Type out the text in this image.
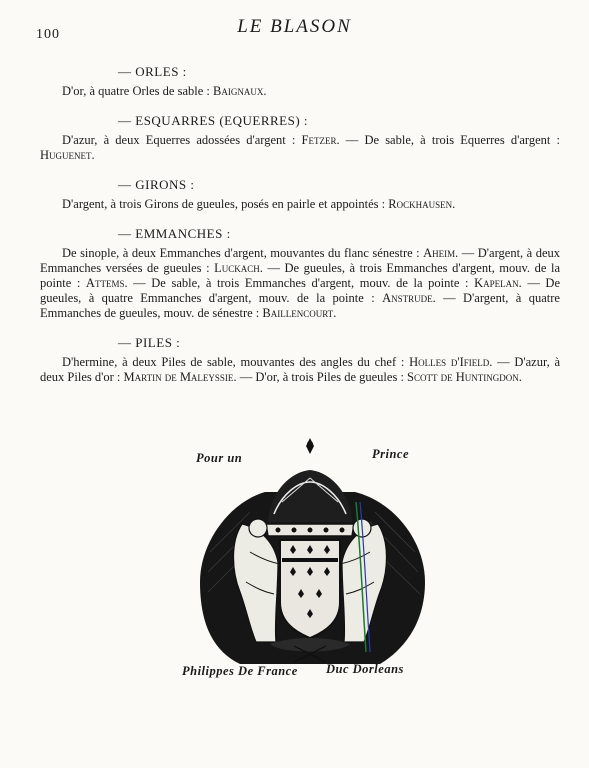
100	LE BLASON
— ORLES :

D'or, à quatre Orles de sable : Baignaux.

— ESQUARRES (EQUERRES) :

D'azur, à deux Equerres adossées d'argent : Fetzer. — De sable, à trois Equerres d'argent : Huguenet.

— GIRONS :

D'argent, à trois Girons de gueules, posés en pairle et appointés : Rockhausen.

— EMMANCHES :

De sinople, à deux Emmanches d'argent, mouvantes du flanc sénestre : Aheim. — D'argent, à deux Emmanches versées de gueules : Luckach. — De gueules, à trois Emmanches d'argent, mouv. de la pointe : Attems. — De sable, à trois Emmanches d'argent, mouv. de la pointe : Kapelan. — De gueules, à quatre Emmanches d'argent, mouv. de la pointe : Anstrude. — D'argent, à quatre Emmanches de gueules, mouv. de sénestre : Baillencourt.

— PILES :

D'hermine, à deux Piles de sable, mouvantes des angles du chef : Holles d'Ifield. — D'azur, à deux Piles d'or : Martin de Maleyssie. — D'or, à trois Piles de gueules : Scott de Huntingdon.

Pour un	Prince
Philippes De France Duc Dorleans
